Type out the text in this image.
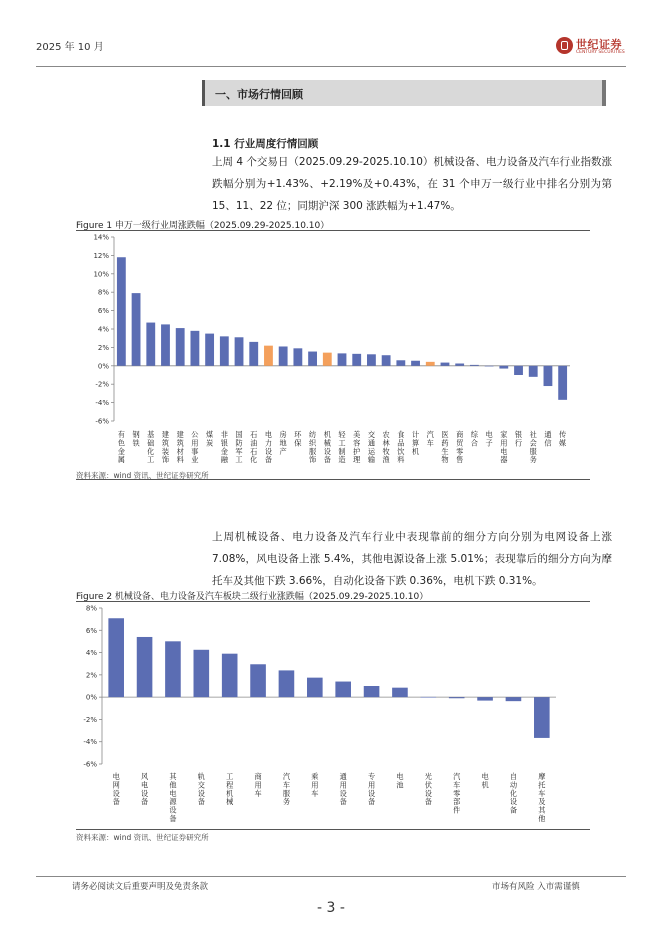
2025 年 10 月	世纪证券
CENTURY SECURITIES
一、市场行情回顾
1.1 行业周度行情回顾
上周 4 个交易日（2025.09.29-2025.10.10）机械设备、电力设备及汽车行业指数涨跌幅分别为+1.43%、+2.19%及+0.43%，在 31 个申万一级行业中排名分别为第 15、11、22 位；同期沪深 300 涨跌幅为+1.47%。
Figure 1 申万一级行业周涨跌幅（2025.09.29-2025.10.10）
-6%
-4%
-2%
0%
2%
4%
6%
8%
10%
12%
14%
有色金属
钢铁
基础化工
建筑装饰
建筑材料
公用事业
煤炭
非银金融
国防军工
石油石化
电力设备
房地产
环保
纺织服饰
机械设备
轻工制造
美容护理
交通运输
农林牧渔
食品饮料
计算机
汽车
医药生物
商贸零售
综合
电子
家用电器
银行
社会服务
通信
传媒
资料来源：wind 资讯、世纪证券研究所
上周机械设备、电力设备及汽车行业中表现靠前的细分方向分别为电网设备上涨 7.08%，风电设备上涨 5.4%，其他电源设备上涨 5.01%；表现靠后的细分方向为摩托车及其他下跌 3.66%，自动化设备下跌 0.36%，电机下跌 0.31%。
Figure 2 机械设备、电力设备及汽车板块二级行业涨跌幅（2025.09.29-2025.10.10）
-6%
-4%
-2%
0%
2%
4%
6%
8%
电网设备
风电设备
其他电源设备
轨交设备
工程机械
商用车
汽车服务
乘用车
通用设备
专用设备
电池
光伏设备
汽车零部件
电机
自动化设备
摩托车及其他
资料来源：wind 资讯、世纪证券研究所
请务必阅读文后重要声明及免责条款	市场有风险 入市需谨慎
- 3 -
